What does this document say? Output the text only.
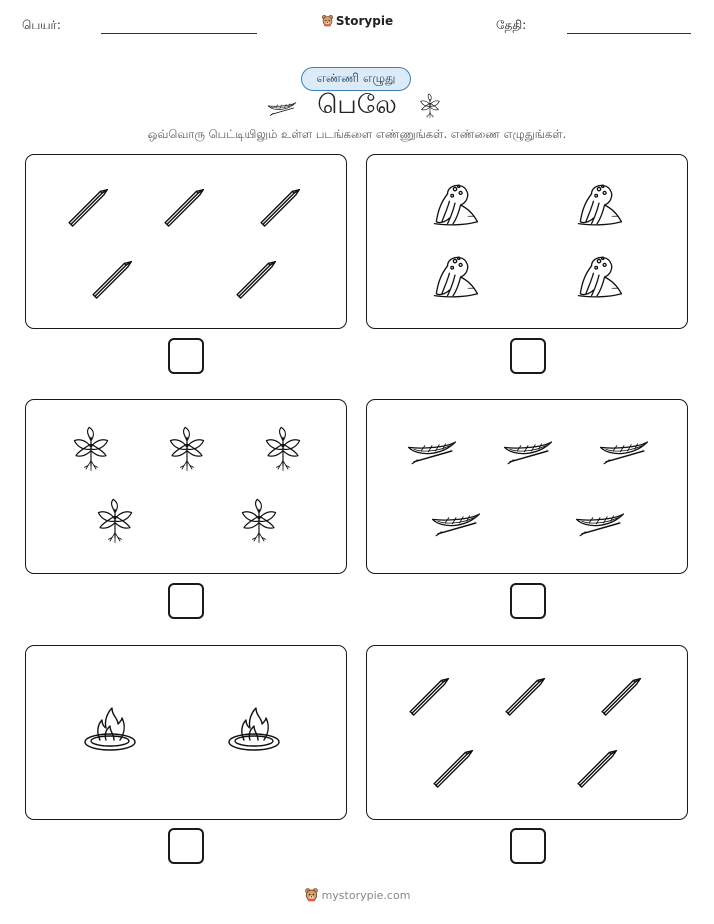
பெயர்:	Storypie	தேதி:
எண்ணி எழுது
பெலே
ஒவ்வொரு பெட்டியிலும் உள்ள படங்களை எண்ணுங்கள். எண்ணை எழுதுங்கள்.
mystorypie.com
